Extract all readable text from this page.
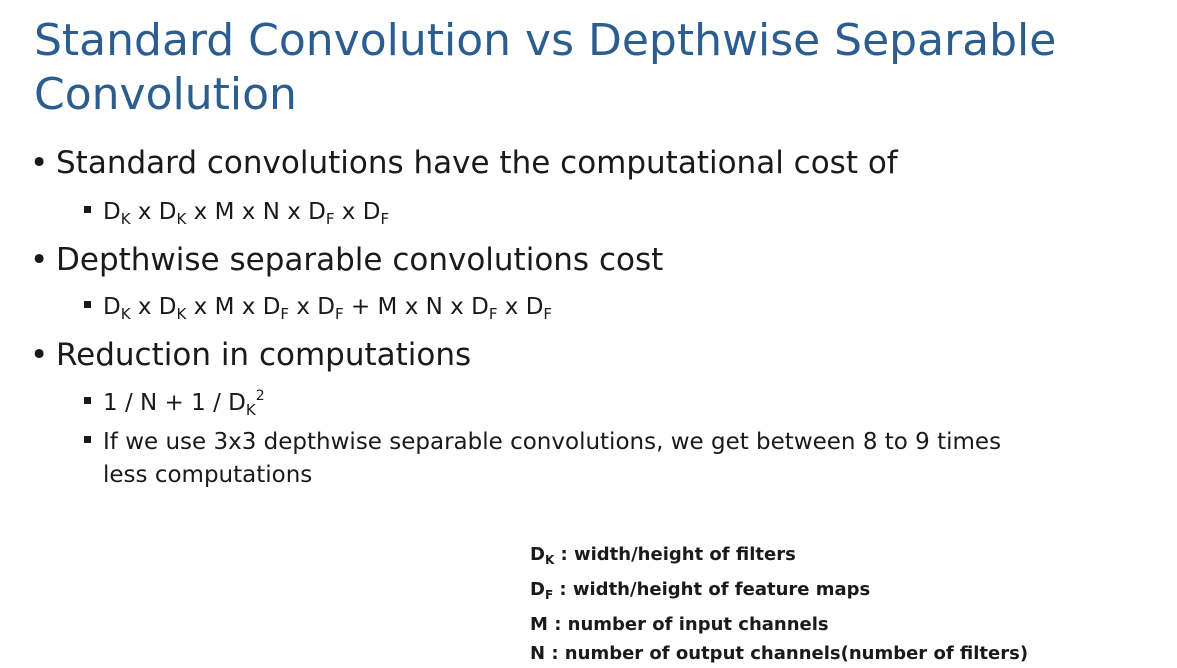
Standard Convolution vs Depthwise Separable Convolution
• Standard convolutions have the computational cost of
$D_K$ x $D_K$ x M x N x $D_F$ x $D_F$
• Depthwise separable convolutions cost
$D_K$ x $D_K$ x M x $D_F$ x $D_F + M$ x N x $D_F$ x $D_F$
• Reduction in computations
$1 / N + 1 / D_K^2$
If we use 3x3 depthwise separable convolutions, we get between 8 to 9 times
less computations
$D_K$ : width/height of filters
$D_F$ : width/height of feature maps
M : number of input channels
N : number of output channels(number of filters)
